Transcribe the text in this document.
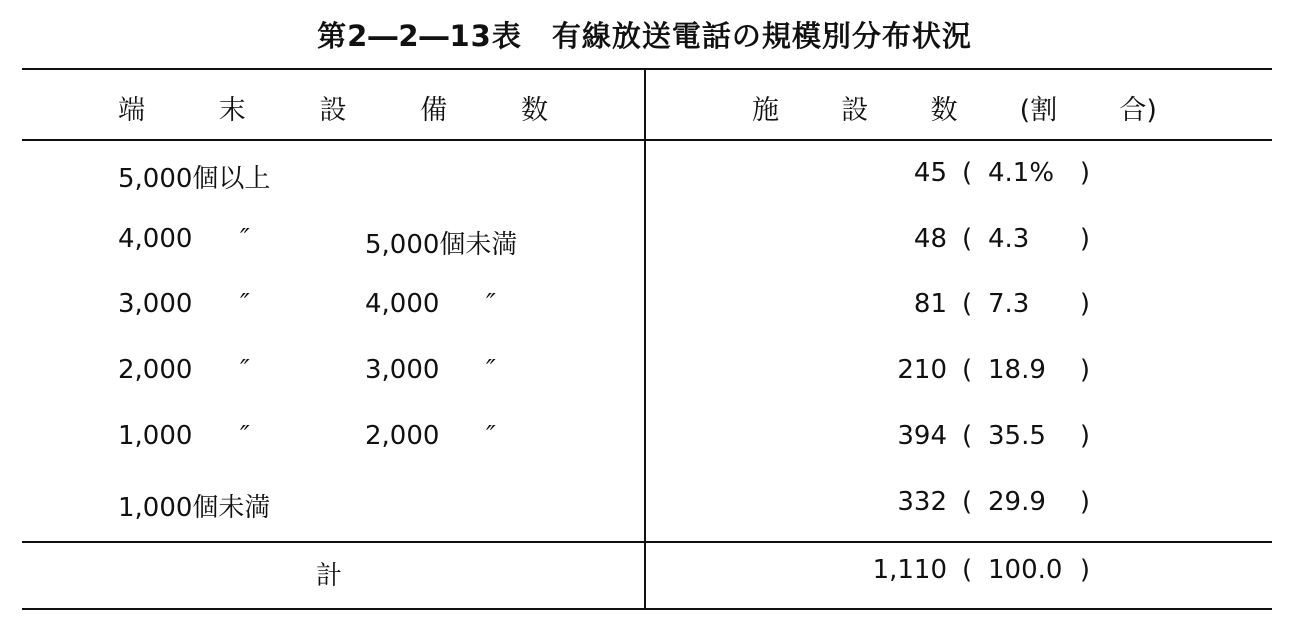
第2―2―13表　有線放送電話の規模別分布状況
端	末	設	備	数	施 設 数 (割 合)
5,000個以上	45 ( 4.1% )
4,000 ″	5,000個未満	48 ( 4.3 )
3,000 ″	4,000 ″	81 ( 7.3 )
2,000 ″	3,000 ″	210 ( 18.9 )
1,000 ″	2,000 ″	394 ( 35.5 )
1,000個未満	332 ( 29.9 )
計	1,110 ( 100.0 )
